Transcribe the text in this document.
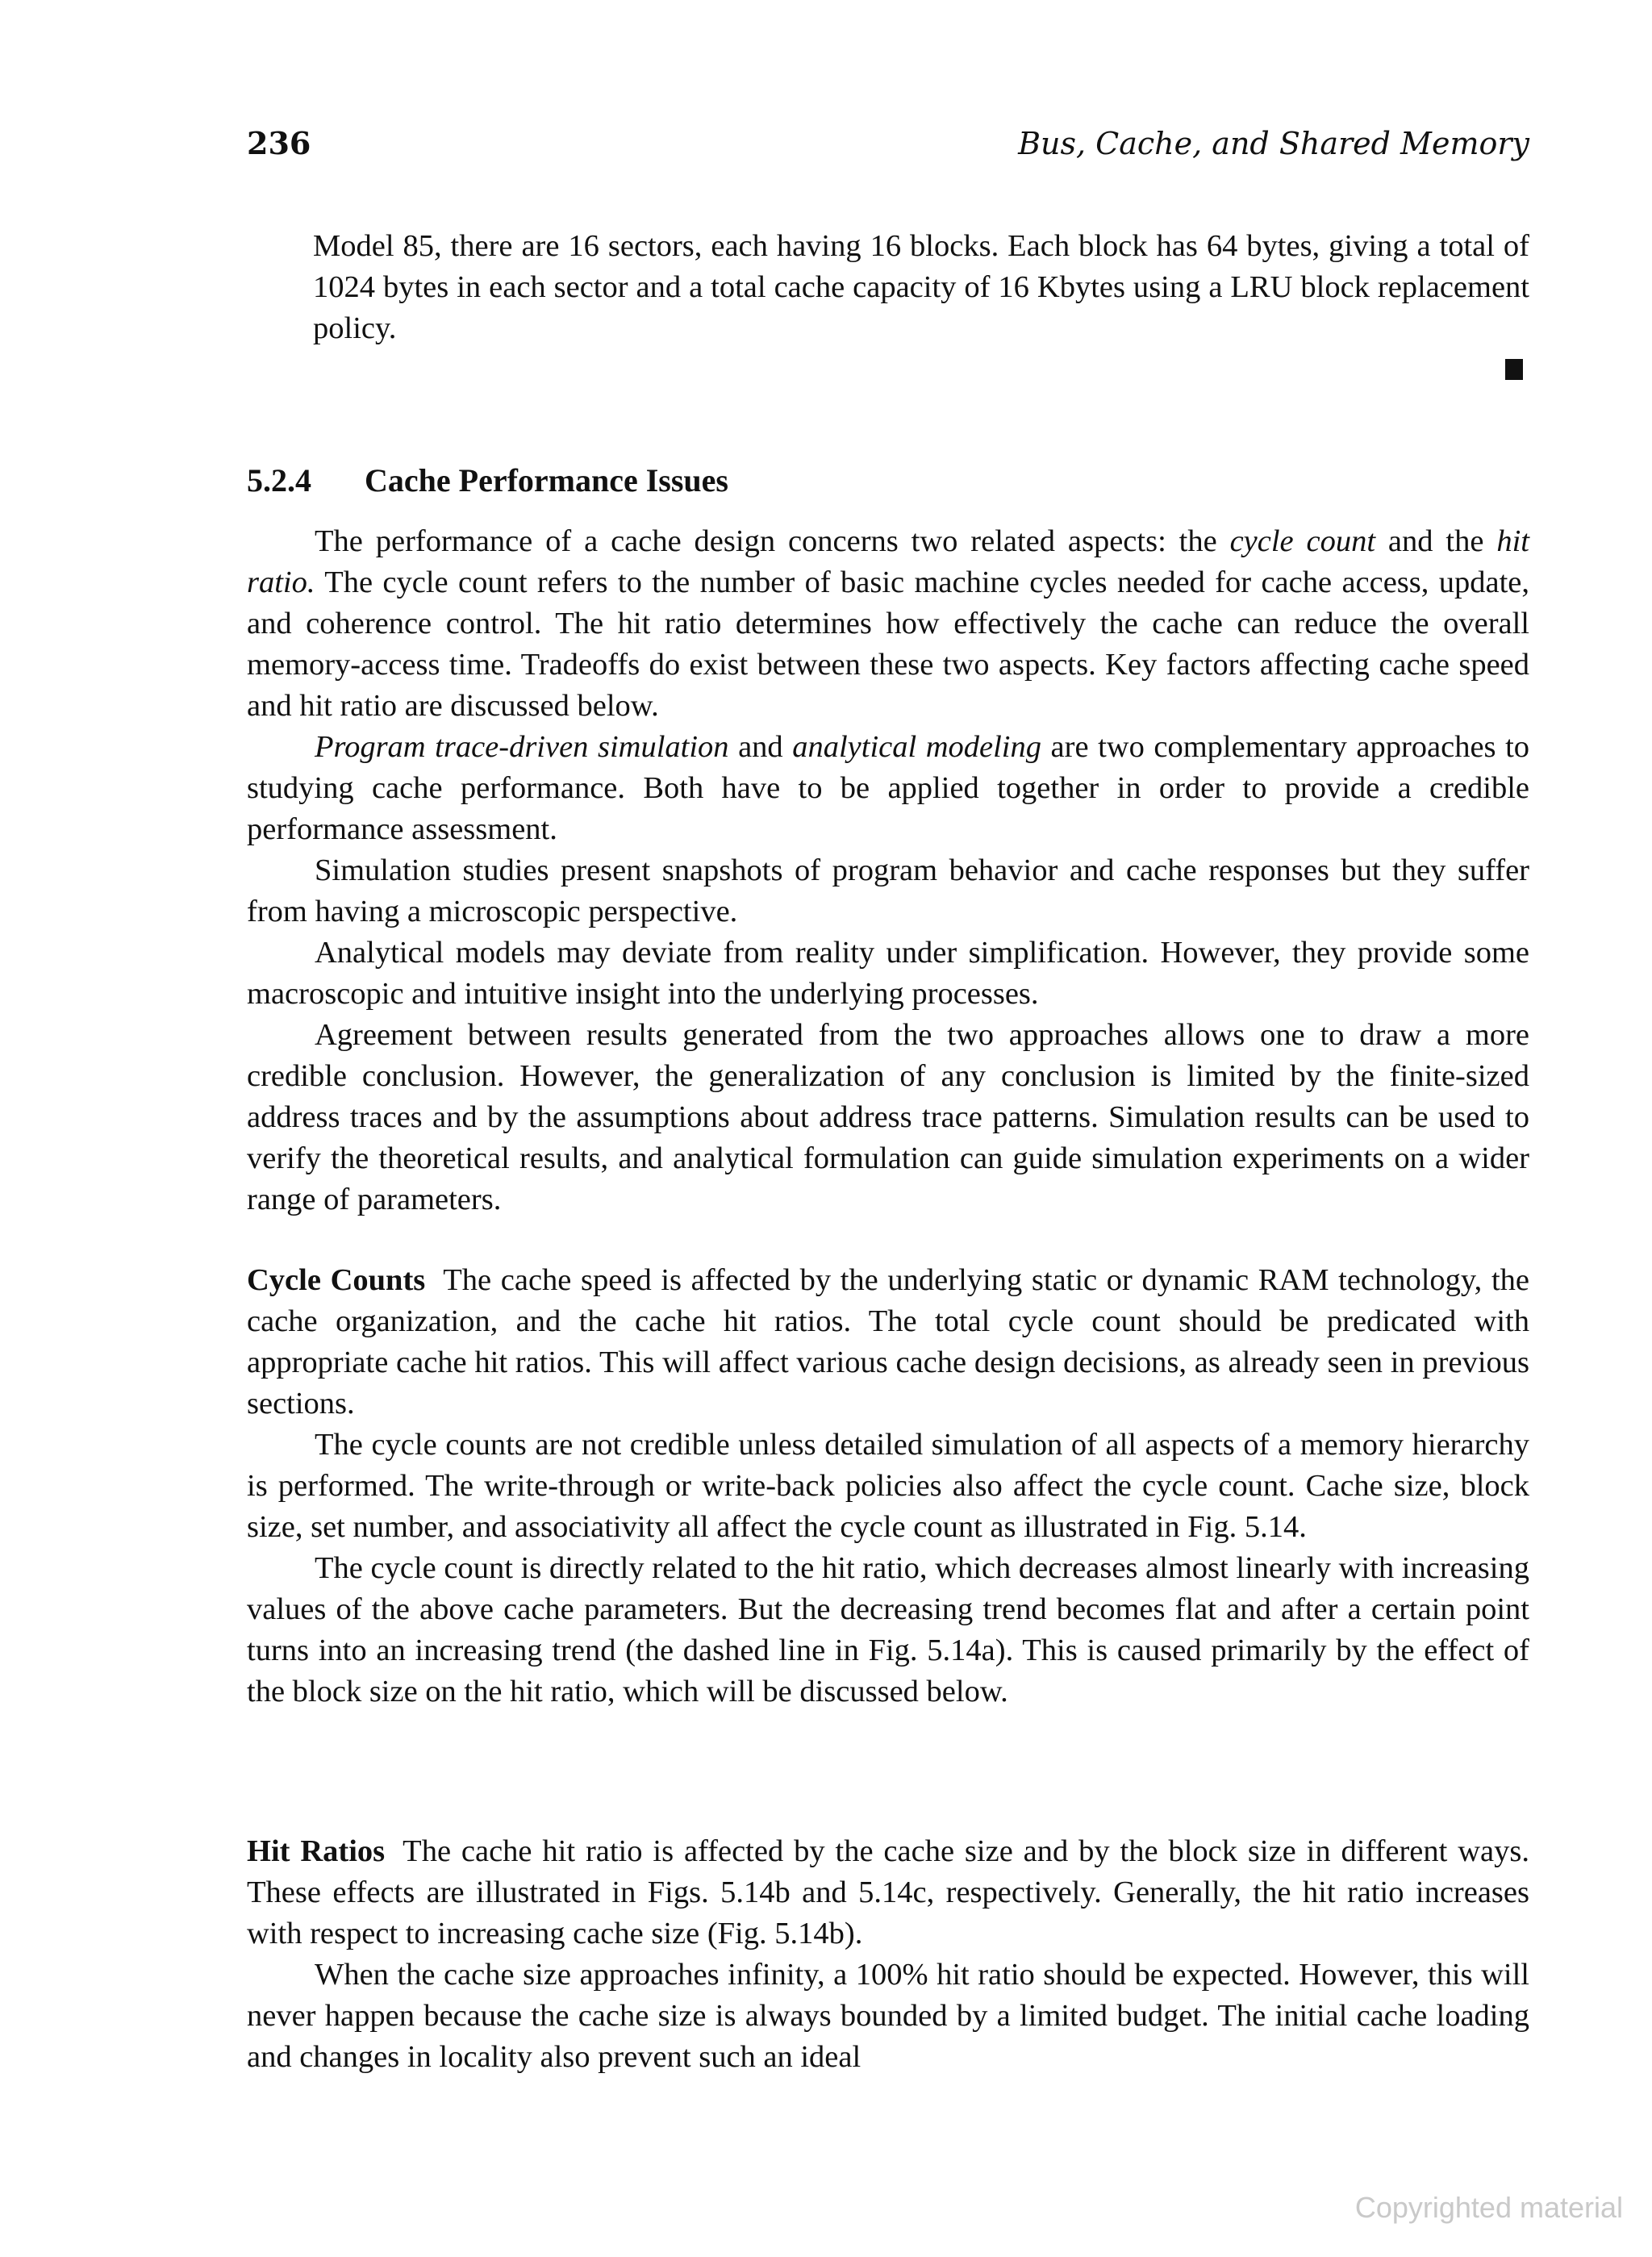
236	Bus, Cache, and Shared Memory

Model 85, there are 16 sectors, each having 16 blocks. Each block has 64 bytes, giving a total of 1024 bytes in each sector and a total cache capacity of 16 Kbytes using a LRU block replacement policy.

5.2.4 Cache Performance Issues

The performance of a cache design concerns two related aspects: the cycle count and the hit ratio. The cycle count refers to the number of basic machine cycles needed for cache access, update, and coherence control. The hit ratio determines how effectively the cache can reduce the overall memory-access time. Tradeoffs do exist between these two aspects. Key factors affecting cache speed and hit ratio are discussed below.

Program trace-driven simulation and analytical modeling are two complementary approaches to studying cache performance. Both have to be applied together in order to provide a credible performance assessment.

Simulation studies present snapshots of program behavior and cache responses but they suffer from having a microscopic perspective.

Analytical models may deviate from reality under simplification. However, they provide some macroscopic and intuitive insight into the underlying processes.

Agreement between results generated from the two approaches allows one to draw a more credible conclusion. However, the generalization of any conclusion is limited by the finite-sized address traces and by the assumptions about address trace patterns. Simulation results can be used to verify the theoretical results, and analytical formulation can guide simulation experiments on a wider range of parameters.

Cycle Counts The cache speed is affected by the underlying static or dynamic RAM technology, the cache organization, and the cache hit ratios. The total cycle count should be predicated with appropriate cache hit ratios. This will affect various cache design decisions, as already seen in previous sections.

The cycle counts are not credible unless detailed simulation of all aspects of a memory hierarchy is performed. The write-through or write-back policies also affect the cycle count. Cache size, block size, set number, and associativity all affect the cycle count as illustrated in Fig. 5.14.

The cycle count is directly related to the hit ratio, which decreases almost linearly with increasing values of the above cache parameters. But the decreasing trend becomes flat and after a certain point turns into an increasing trend (the dashed line in Fig. 5.14a). This is caused primarily by the effect of the block size on the hit ratio, which will be discussed below.

Hit Ratios The cache hit ratio is affected by the cache size and by the block size in different ways. These effects are illustrated in Figs. 5.14b and 5.14c, respectively. Generally, the hit ratio increases with respect to increasing cache size (Fig. 5.14b).

When the cache size approaches infinity, a 100% hit ratio should be expected. However, this will never happen because the cache size is always bounded by a limited budget. The initial cache loading and changes in locality also prevent such an ideal

Copyrighted material
